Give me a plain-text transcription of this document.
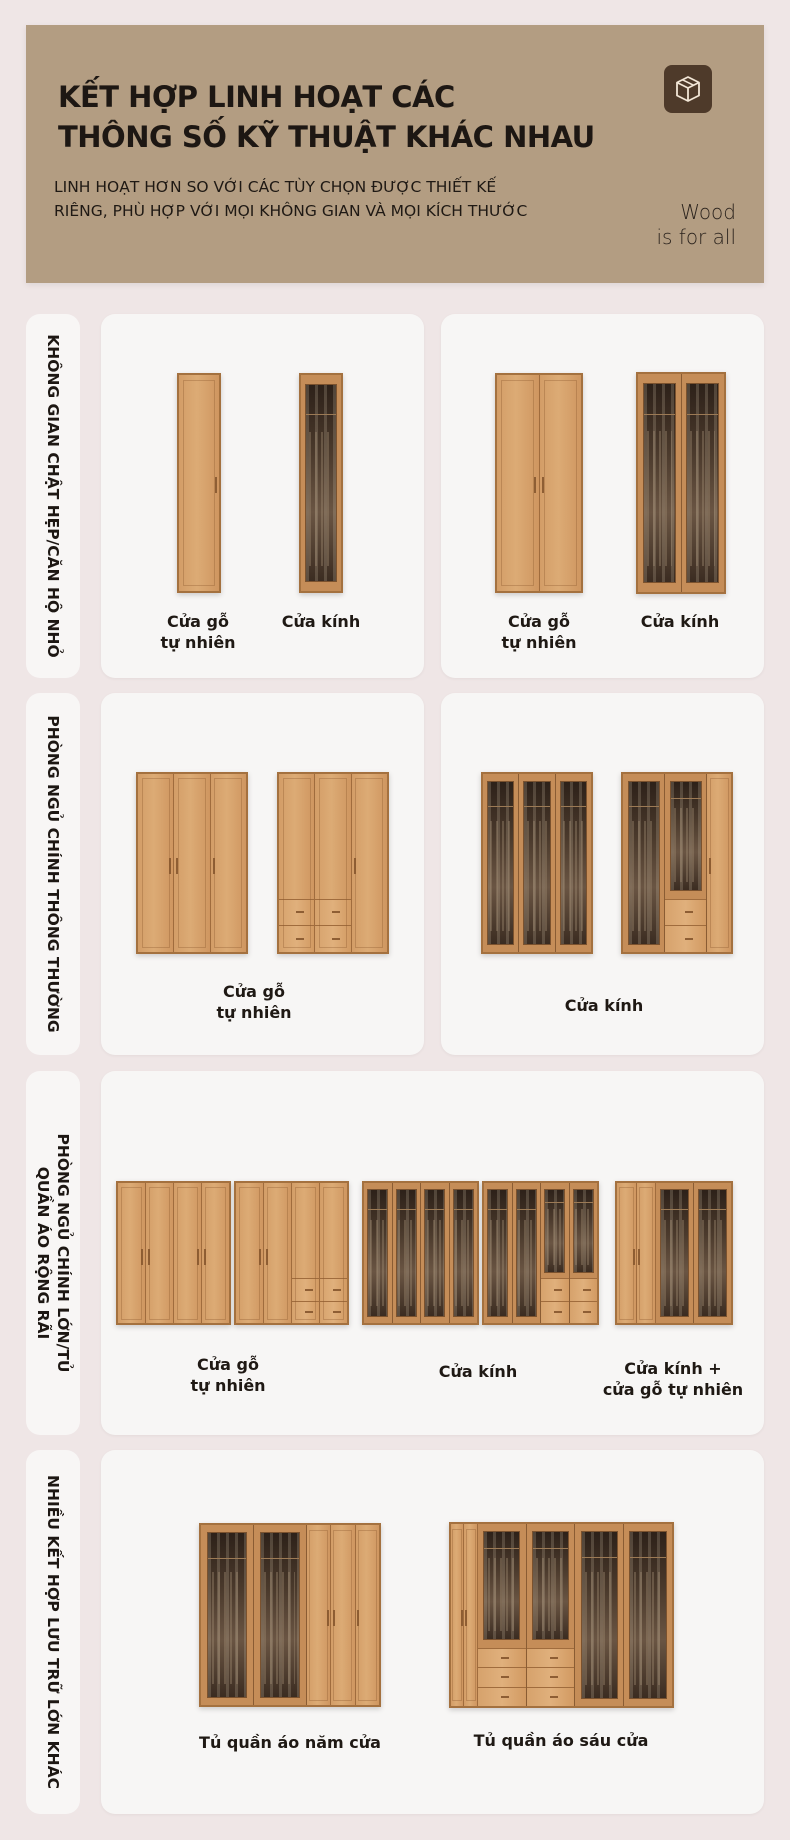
KẾT HỢP LINH HOẠT CÁC
THÔNG SỐ KỸ THUẬT KHÁC NHAU
LINH HOẠT HƠN SO VỚI CÁC TÙY CHỌN ĐƯỢC THIẾT KẾ
RIÊNG, PHÙ HỢP VỚI MỌI KHÔNG GIAN VÀ MỌI KÍCH THƯỚC	Wood
is for all
KHÔNG GIAN CHẬT HẸP/CĂN HỘ NHỎ	Cửa gỗ
tự nhiên
Cửa kính	Cửa gỗ
tự nhiên
Cửa kính
PHÒNG NGỦ CHÍNH THÔNG THƯỜNG	Cửa gỗ
tự nhiên	Cửa kính
PHÒNG NGỦ CHÍNH LỚN/TỦ
QUẦN ÁO RỘNG RÃI
Cửa gỗ
tự nhiên
Cửa kính	Cửa kính +
cửa gỗ tự nhiên
NHIỀU KẾT HỢP LƯU TRỮ LỚN KHÁC	Tủ quần áo năm cửa	Tủ quần áo sáu cửa
